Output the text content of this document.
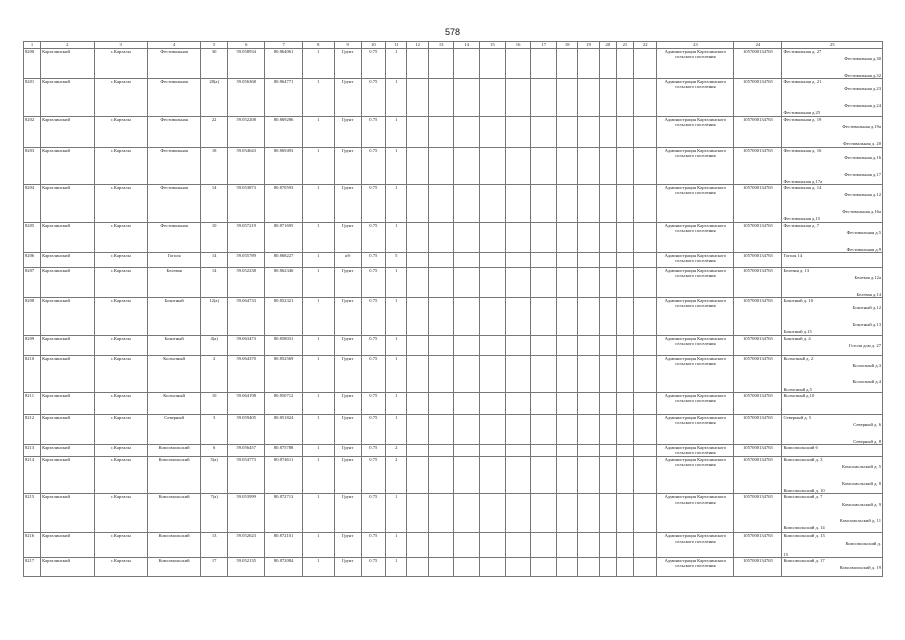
578
1	2	3	4	5	6	7	8	9	10	11	12	13	14	15	16	17	18	19	20	21	22	23	24	25
8200	Карталинский	с.Карталы	Фестивальная	30	59.058934	80.864061	1	Грунт	0.75	1												Администрация Карталинского сельского поселения	1057000134765	Фестивальная д. 27
Фестивальная д.30

Фестивальная д.32

8201	Карталинский	с.Карталы	Фестивальная	28(а)	59.056368	80.864771	1	Грунт	0.75	1												Администрация Карталинского сельского поселения	1057000134765	Фестивальная д. 21
Фестивальная д.23

Фестивальная д.24
Фестивальная д.25

8202	Карталинский	с.Карталы	Фестивальная	22	59.052208	80.869286	1	Грунт	0.75	1												Администрация Карталинского сельского поселения	1057000134765	Фестивальная д. 19
Фестивальная д.19а

Фестивальная д. 20

8203	Карталинский	с.Карталы	Фестивальная	18	59.054643	80.869493	1	Грунт	0.75	1												Администрация Карталинского сельского поселения	1057000134765	Фестивальная д. 16
Фестивальная д.16

Фестивальная д.17
Фестивальная д.17а

8204	Карталинский	с.Карталы	Фестивальная	14	59.053873	80.870593	1	Грунт	0.75	1												Администрация Карталинского сельского поселения	1057000134765	Фестивальная д. 14
Фестивальная д.12

Фестивальная д.16а
Фестивальная д.15

8205	Карталинский	с.Карталы	Фестивальная	10	59.057219	80.871695	1	Грунт	0.75	1												Администрация Карталинского сельского поселения	1057000134765	Фестивальная д. 7
Фестивальная д.5

Фестивальная д.9

8206	Карталинский	с.Карталы	Гоголя	14	59.055789	80.868227	1	а/б	0.75	5												Администрация Карталинского сельского поселения	1057000134765	Гоголя 14

8207	Карталинский	с.Карталы	Белевая	14	59.052238	80.862346	1	Грунт	0.75	1												Администрация Карталинского сельского поселения	1057000134765	Белевая д. 13
Белевая д.12а

Белевая д.14

8208	Карталинский	с.Карталы	Бокотный	12(а)	59.064733	80.852321	1	Грунт	0.75	1												Администрация Карталинского сельского поселения	1057000134765	Бокотный д. 10
Бокотный д.12

Бокотный д.13
Бокотный д.15

8209	Карталинский	с.Карталы	Бокотный	4(а)	59.063473	80.858031	1	Грунт	0.75	1												Администрация Карталинского сельского поселения	1057000134765	Бокотный д. 4
Гоголя дом д. 27

8210	Карталинский	с.Карталы	Колхозный	2	59.064370	80.852569	1	Грунт	0.75	1												Администрация Карталинского сельского поселения	1057000134765	Колхозный д. 2
Колхозный д.3

Колхозный д.4
Колхозный д.5

8211	Карталинский	с.Карталы	Колхозный	10	59.064198	80.850712	1	Грунт	0.75	1												Администрация Карталинского сельского поселения	1057000134765	Колхозный д.10

8212	Карталинский	с.Карталы	Северный	3	59.059405	80.851824	1	Грунт	0.75	1												Администрация Карталинского сельского поселения	1057000134765	Северный д. 5
Северный д. 6

Северный д. 8

8213	Карталинский	с.Карталы	Комсомольский	6	59.056457	80.875788	1	Грунт	0.75	2												Администрация Карталинского сельского поселения	1057000134765	Комсомольский 6

8214	Карталинский	с.Карталы	Комсомольский	5(а)	59.054773	80.874611	1	Грунт	0.75	2												Администрация Карталинского сельского поселения	1057000134765	Комсомольский д. 3
Комсомольский д. 5

Комсомольский д. 8
Комсомольский д. 10

8215	Карталинский	с.Карталы	Комсомольский	7(а)	59.053999	80.872713	1	Грунт	0.75	1												Администрация Карталинского сельского поселения	1057000134765	Комсомольский д. 7
Комсомольский д. 9

Комсомольский д. 11
Комсомольский д. 14

8216	Карталинский	с.Карталы	Комсомольский	13	59.052623	80.872101	1	Грунт	0.75	1												Администрация Карталинского сельского поселения	1057000134765	Комсомольский д. 13
Комсомольский д.
15

8217	Карталинский	с.Карталы	Комсомольский	17	59.052135	80.872084	1	Грунт	0.75	1												Администрация Карталинского сельского поселения	1057000134765	Комсомольский д. 17
Комсомольский д. 19
